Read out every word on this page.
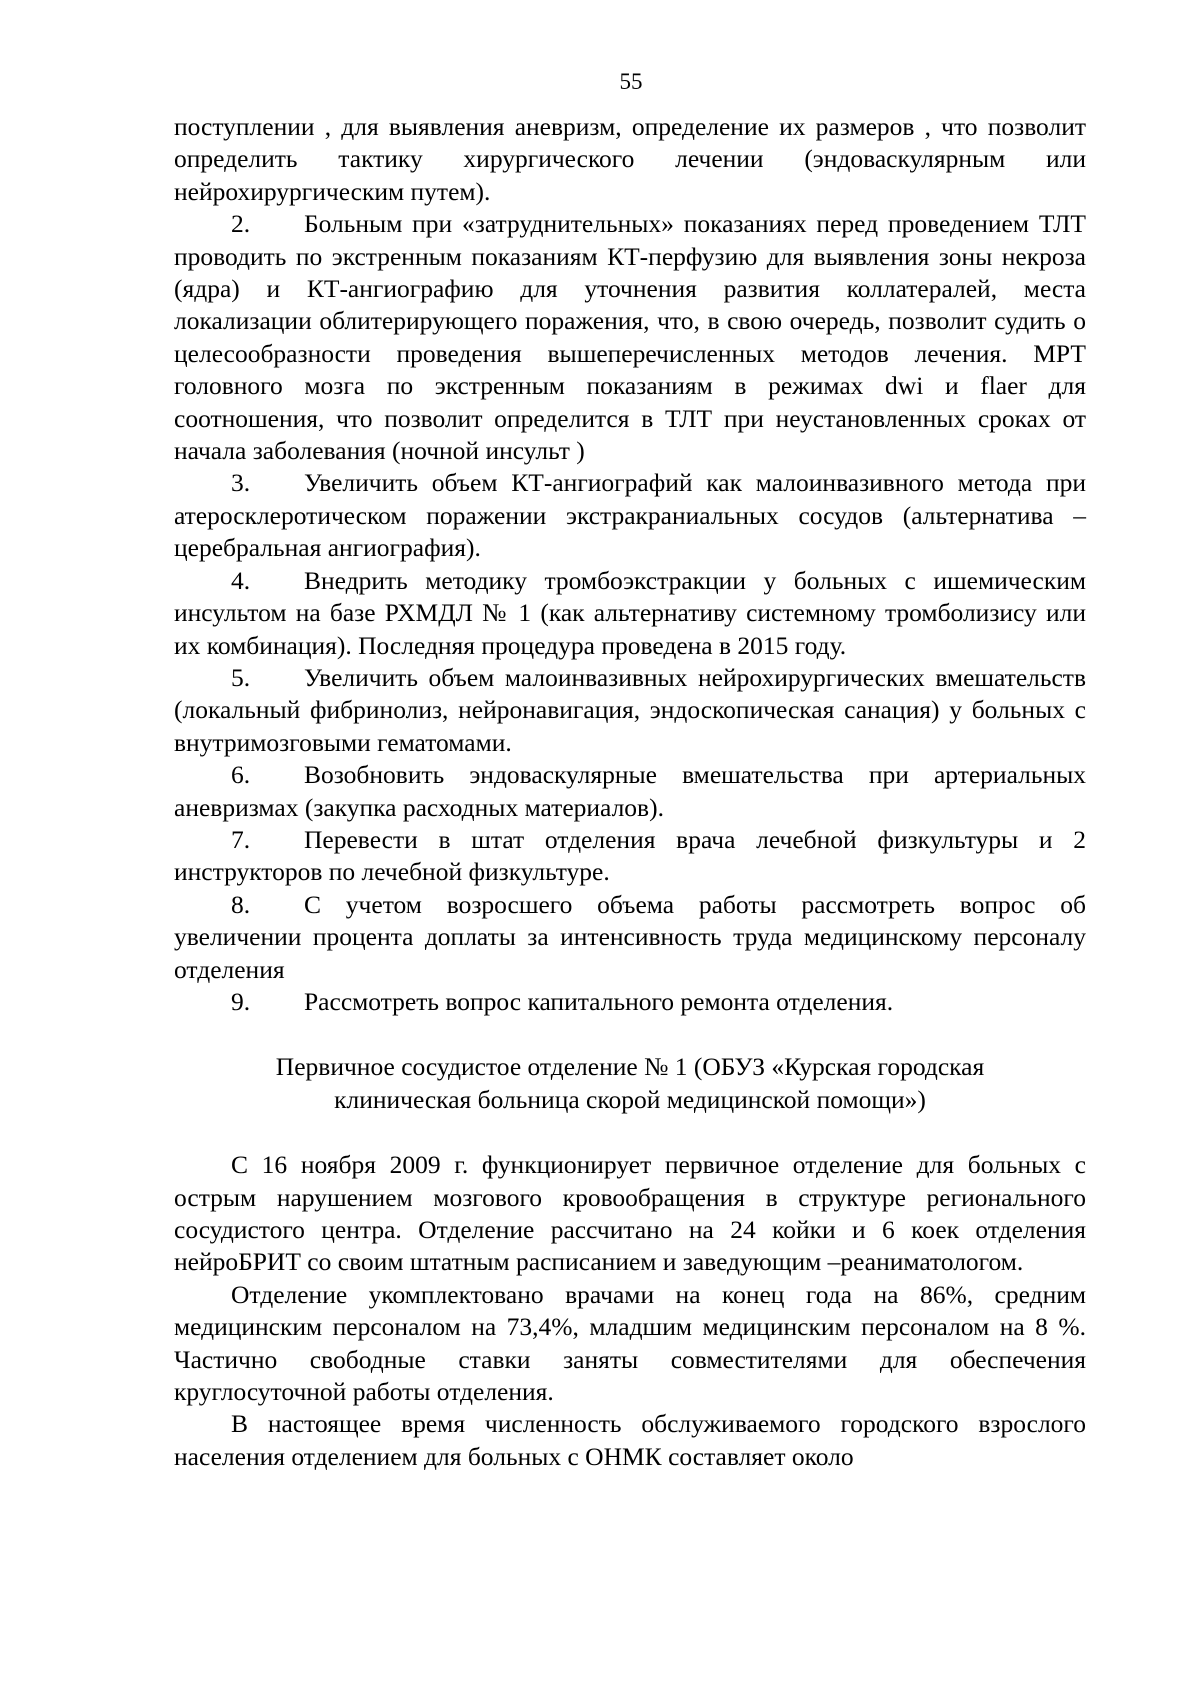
55

поступлении , для выявления аневризм, определение их размеров , что позволит определить тактику хирургического лечении (эндоваскулярным или нейрохирургическим путем).

2. Больным при «затруднительных» показаниях перед проведением ТЛТ проводить по экстренным показаниям КТ-перфузию для выявления зоны некроза (ядра) и КТ-ангиографию для уточнения развития коллатералей, места локализации облитерирующего поражения, что, в свою очередь, позволит судить о целесообразности проведения вышеперечисленных методов лечения. МРТ головного мозга по экстренным показаниям в режимах dwi и flaer для соотношения, что позволит определится в ТЛТ при неустановленных сроках от начала заболевания (ночной инсульт )

3. Увеличить объем КТ-ангиографий как малоинвазивного метода при атеросклеротическом поражении экстракраниальных сосудов (альтернатива – церебральная ангиография).

4. Внедрить методику тромбоэкстракции у больных с ишемическим инсультом на базе РХМДЛ № 1 (как альтернативу системному тромболизису или их комбинация). Последняя процедура проведена в 2015 году.

5. Увеличить объем малоинвазивных нейрохирургических вмешательств (локальный фибринолиз, нейронавигация, эндоскопическая санация) у больных с внутримозговыми гематомами.

6. Возобновить эндоваскулярные вмешательства при артериальных аневризмах (закупка расходных материалов).

7. Перевести в штат отделения врача лечебной физкультуры и 2 инструкторов по лечебной физкультуре.

8. С учетом возросшего объема работы рассмотреть вопрос об увеличении процента доплаты за интенсивность труда медицинскому персоналу отделения

9. Рассмотреть вопрос капитального ремонта отделения.

Первичное сосудистое отделение № 1 (ОБУЗ «Курская городская

клиническая больница скорой медицинской помощи»)

С 16 ноября 2009 г. функционирует первичное отделение для больных с острым нарушением мозгового кровообращения в структуре регионального сосудистого центра. Отделение рассчитано на 24 койки и 6 коек отделения нейроБРИТ со своим штатным расписанием и заведующим –реаниматологом.

Отделение укомплектовано врачами на конец года на 86%, средним медицинским персоналом на 73,4%, младшим медицинским персоналом на 8 %. Частично свободные ставки заняты совместителями для обеспечения круглосуточной работы отделения.

В настоящее время численность обслуживаемого городского взрослого населения отделением для больных с ОНМК составляет около
